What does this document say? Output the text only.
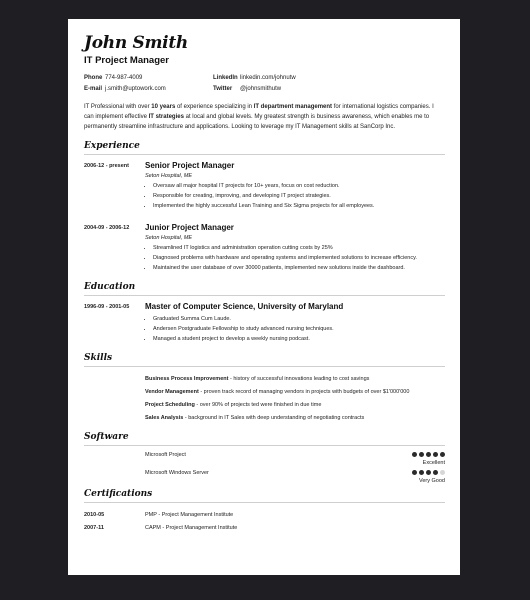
John Smith
IT Project Manager
Phone 774-987-4009	LinkedIn linkedin.com/johnutw
E-mail j.smith@uptowork.com	Twitter	@johnsmithutw
IT Professional with over 10 years of experience specializing in IT department management for international logistics companies. I can implement effective IT strategies at local and global levels. My greatest strength is business awareness, which enables me to permanently streamline infrastructure and applications. Looking to leverage my IT Management skills at SanCorp Inc.
Experience
2006-12 - present	Senior Project Manager
Seton Hospital, ME
• Oversaw all major hospital IT projects for 10+ years, focus on cost reduction.
• Responsible for creating, improving, and developing IT project strategies.
• Implemented the highly successful Lean Training and Six Sigma projects for all employees.
2004-09 - 2006-12	Junior Project Manager
Seton Hospital, ME
• Streamlined IT logistics and administration operation cutting costs by 25%
• Diagnosed problems with hardware and operating systems and implemented solutions to increase efficiency.
• Maintained the user database of over 30000 patients, implemented new solutions inside the dashboard.
Education
1996-09 - 2001-05	Master of Computer Science, University of Maryland
• Graduated Summa Cum Laude.
• Andersen Postgraduate Fellowship to study advanced nursing techniques.
• Managed a student project to develop a weekly nursing podcast.
Skills
Business Process Improvement - history of successful innovations leading to cost savings
Vendor Management - proven track record of managing vendors in projects with budgets of over $1'000'000
Project Scheduling - over 90% of projects ted were finished in due time
Sales Analysis - background in IT Sales with deep understanding of negotiating contracts
Software
Microsoft Project
Excellent
Microsoft Windows Server
Very Good
Certifications
2010-05	PMP - Project Management Institute
2007-11	CAPM - Project Management Institute
